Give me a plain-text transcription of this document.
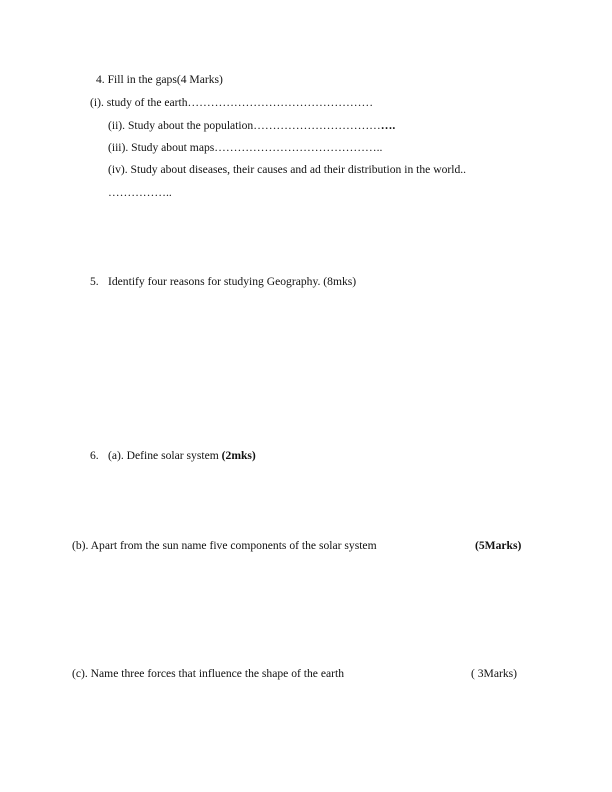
4. Fill in the gaps(4 Marks)
(i). study of the earth…………………………………………
(ii). Study about the population……………………………….
(iii). Study about maps……………………………………..
(iv). Study about diseases, their causes and ad their distribution in the world..
……………..
5. Identify four reasons for studying Geography. (8mks)
6. (a). Define solar system (2mks)
(b). Apart from the sun name five components of the solar system	(5Marks)
(c). Name three forces that influence the shape of the earth	( 3Marks)
